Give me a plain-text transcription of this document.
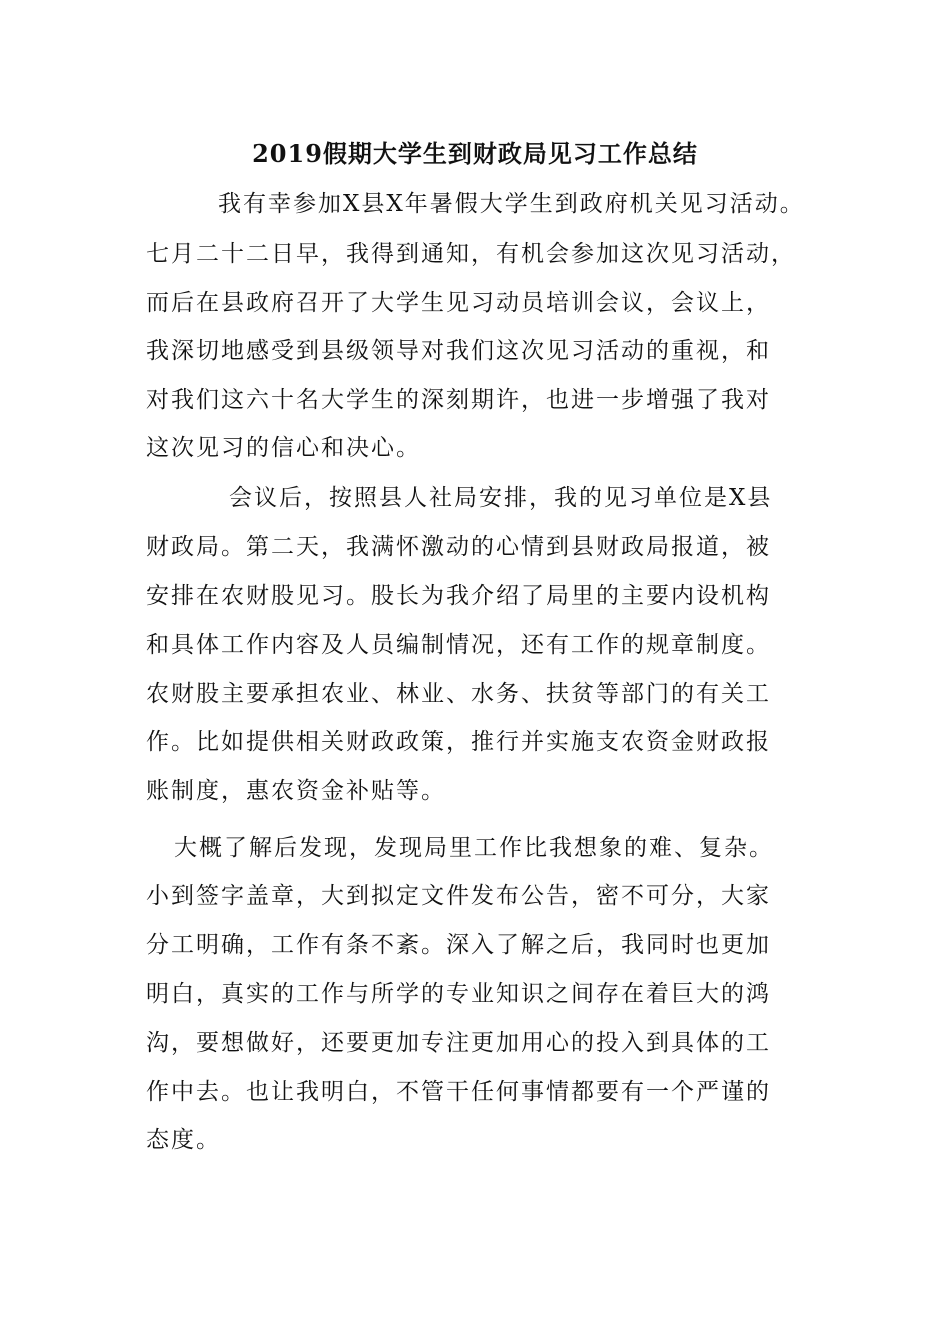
2019假期大学生到财政局见习工作总结
我有幸参加X县X年暑假大学生到政府机关见习活动。
七月二十二日早，我得到通知，有机会参加这次见习活动，
而后在县政府召开了大学生见习动员培训会议，会议上，
我深切地感受到县级领导对我们这次见习活动的重视，和
对我们这六十名大学生的深刻期许，也进一步增强了我对
这次见习的信心和决心。
会议后，按照县人社局安排，我的见习单位是X县
财政局。第二天，我满怀激动的心情到县财政局报道，被
安排在农财股见习。股长为我介绍了局里的主要内设机构
和具体工作内容及人员编制情况，还有工作的规章制度。
农财股主要承担农业、林业、水务、扶贫等部门的有关工
作。比如提供相关财政政策，推行并实施支农资金财政报
账制度，惠农资金补贴等。
大概了解后发现，发现局里工作比我想象的难、复杂。
小到签字盖章，大到拟定文件发布公告，密不可分，大家
分工明确，工作有条不紊。深入了解之后，我同时也更加
明白，真实的工作与所学的专业知识之间存在着巨大的鸿
沟，要想做好，还要更加专注更加用心的投入到具体的工
作中去。也让我明白，不管干任何事情都要有一个严谨的
态度。
